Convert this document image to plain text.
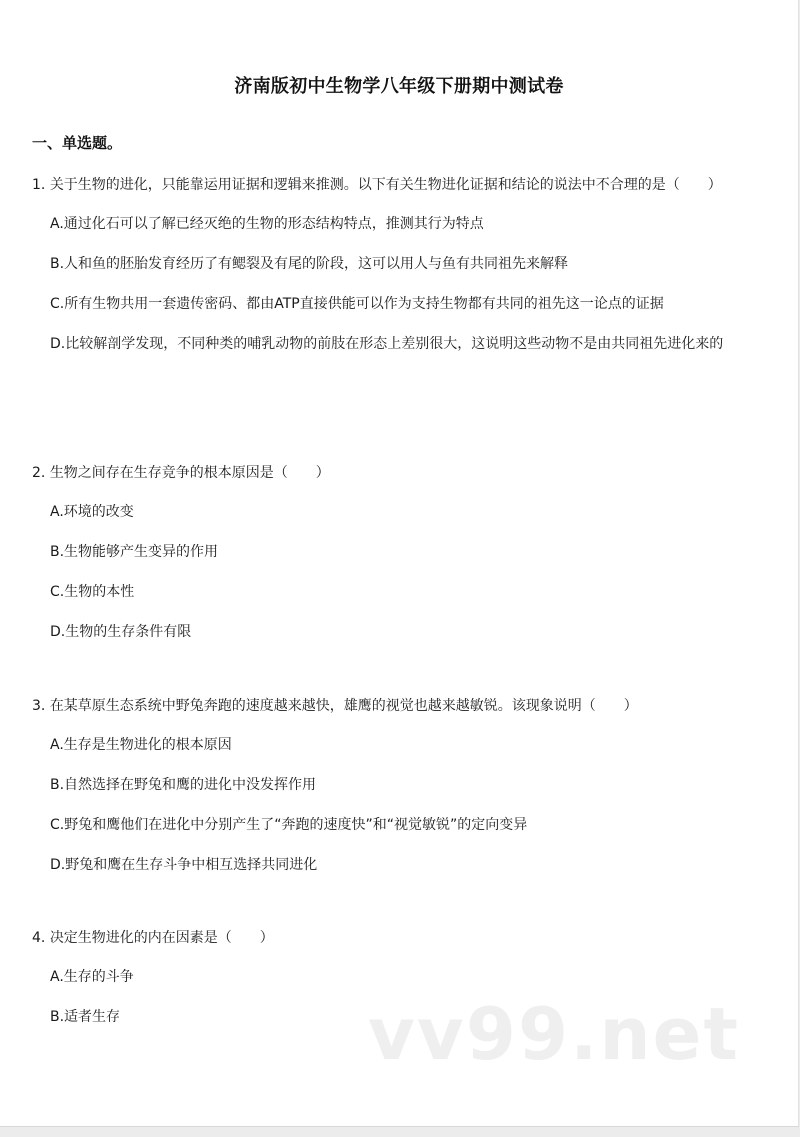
济南版初中生物学八年级下册期中测试卷
一、单选题。
1. 关于生物的进化，只能靠运用证据和逻辑来推测。以下有关生物进化证据和结论的说法中不合理的是（　　）
A.通过化石可以了解已经灭绝的生物的形态结构特点，推测其行为特点
B.人和鱼的胚胎发育经历了有鳃裂及有尾的阶段，这可以用人与鱼有共同祖先来解释
C.所有生物共用一套遗传密码、都由ATP直接供能可以作为支持生物都有共同的祖先这一论点的证据
D.比较解剖学发现，不同种类的哺乳动物的前肢在形态上差别很大，这说明这些动物不是由共同祖先进化来的
2. 生物之间存在生存竞争的根本原因是（　　）
A.环境的改变
B.生物能够产生变异的作用
C.生物的本性
D.生物的生存条件有限
3. 在某草原生态系统中野兔奔跑的速度越来越快，雄鹰的视觉也越来越敏锐。该现象说明（　　）
A.生存是生物进化的根本原因
B.自然选择在野兔和鹰的进化中没发挥作用
C.野兔和鹰他们在进化中分别产生了“奔跑的速度快”和“视觉敏锐”的定向变异
D.野兔和鹰在生存斗争中相互选择共同进化
4. 决定生物进化的内在因素是（　　）
A.生存的斗争
B.适者生存	vv99.net
